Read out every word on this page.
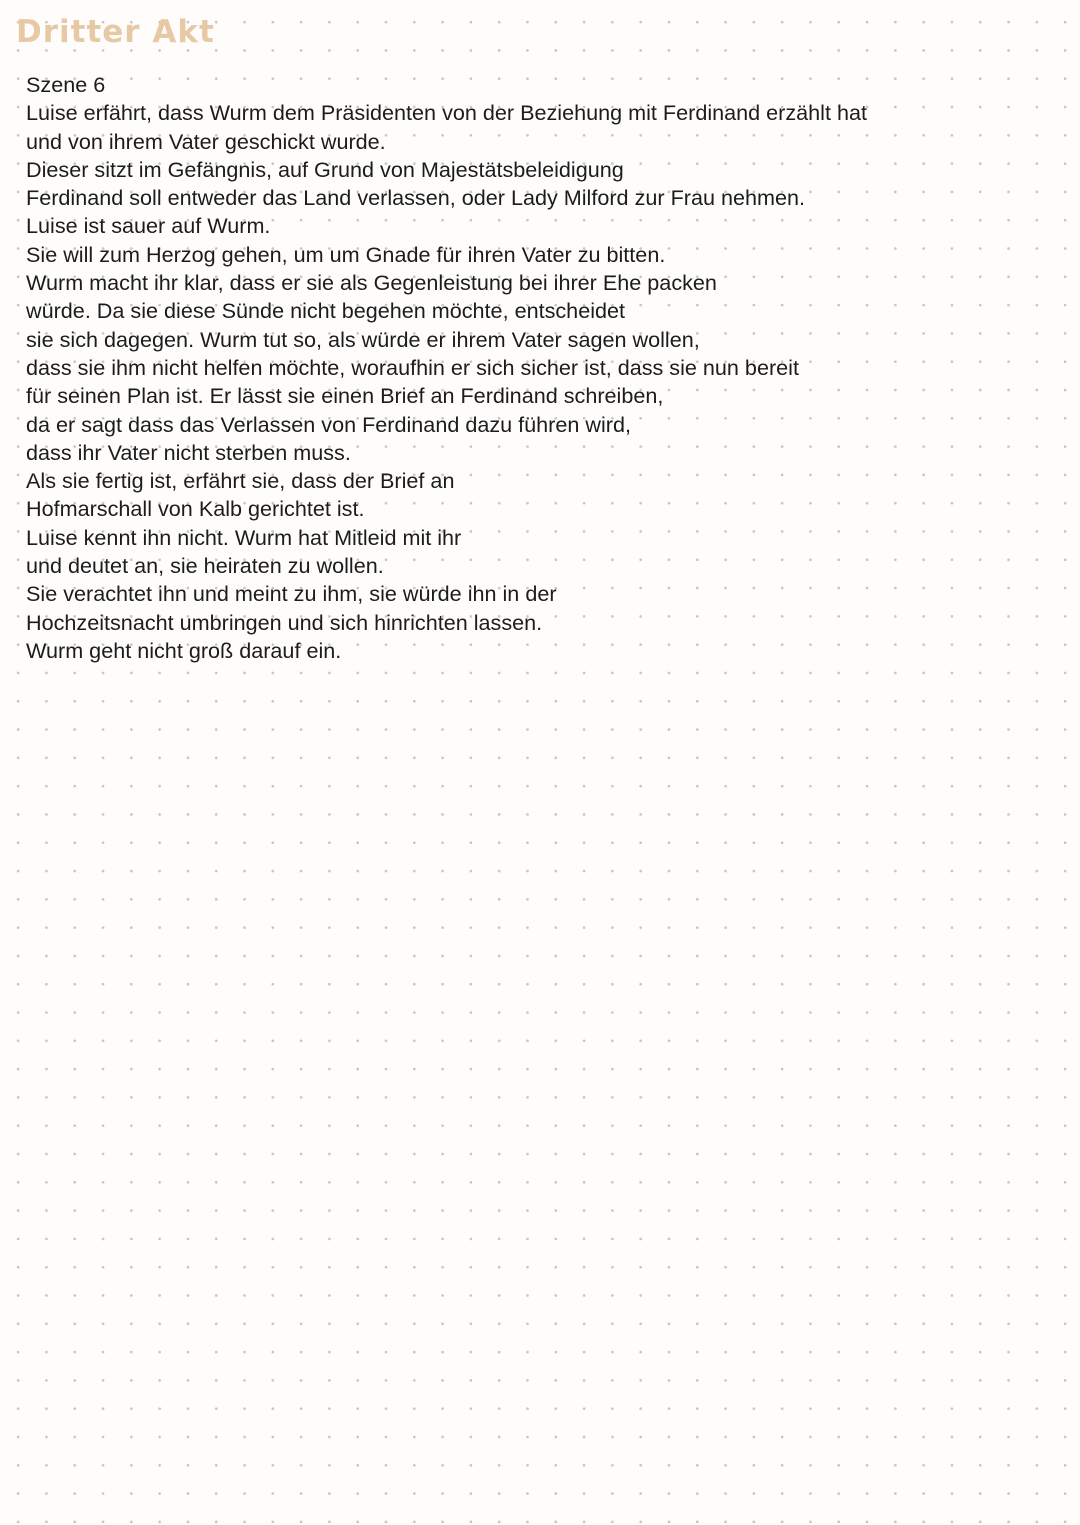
Dritter Akt
Szene 6
Luise erfährt, dass Wurm dem Präsidenten von der Beziehung mit Ferdinand erzählt hat
und von ihrem Vater geschickt wurde.
Dieser sitzt im Gefängnis, auf Grund von Majestätsbeleidigung
Ferdinand soll entweder das Land verlassen, oder Lady Milford zur Frau nehmen.
Luise ist sauer auf Wurm.
Sie will zum Herzog gehen, um um Gnade für ihren Vater zu bitten.
Wurm macht ihr klar, dass er sie als Gegenleistung bei ihrer Ehe packen
würde. Da sie diese Sünde nicht begehen möchte, entscheidet
sie sich dagegen. Wurm tut so, als würde er ihrem Vater sagen wollen,
dass sie ihm nicht helfen möchte, woraufhin er sich sicher ist, dass sie nun bereit
für seinen Plan ist. Er lässt sie einen Brief an Ferdinand schreiben,
da er sagt dass das Verlassen von Ferdinand dazu führen wird,
dass ihr Vater nicht sterben muss.
Als sie fertig ist, erfährt sie, dass der Brief an
Hofmarschall von Kalb gerichtet ist.
Luise kennt ihn nicht. Wurm hat Mitleid mit ihr
und deutet an, sie heiraten zu wollen.
Sie verachtet ihn und meint zu ihm, sie würde ihn in der
Hochzeitsnacht umbringen und sich hinrichten lassen.
Wurm geht nicht groß darauf ein.
